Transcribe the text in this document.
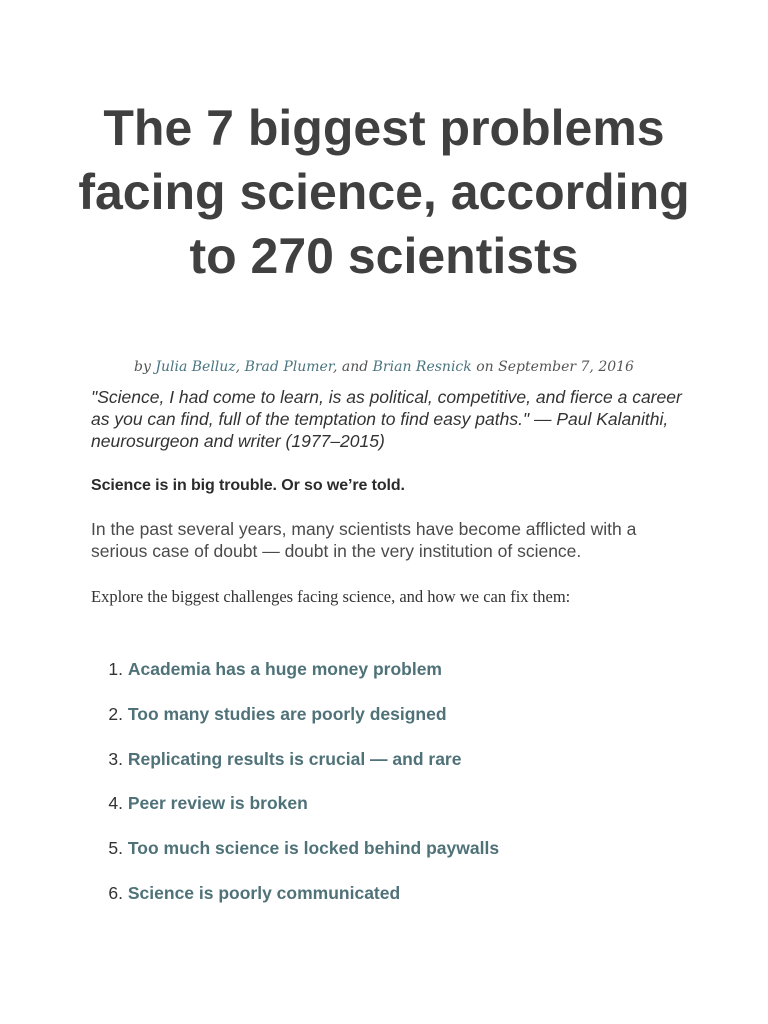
The 7 biggest problems facing science, according to 270 scientists
by Julia Belluz, Brad Plumer, and Brian Resnick on September 7, 2016

"Science, I had come to learn, is as political, competitive, and fierce a career as you can find, full of the temptation to find easy paths." — Paul Kalanithi, neurosurgeon and writer (1977–2015)

Science is in big trouble. Or so we’re told.

In the past several years, many scientists have become afflicted with a serious case of doubt — doubt in the very institution of science.

Explore the biggest challenges facing science, and how we can fix them:

1.
Academia has a huge money problem
2.
Too many studies are poorly designed
3.
Replicating results is crucial — and rare
4.
Peer review is broken
5.
Too much science is locked behind paywalls
6.
Science is poorly communicated
